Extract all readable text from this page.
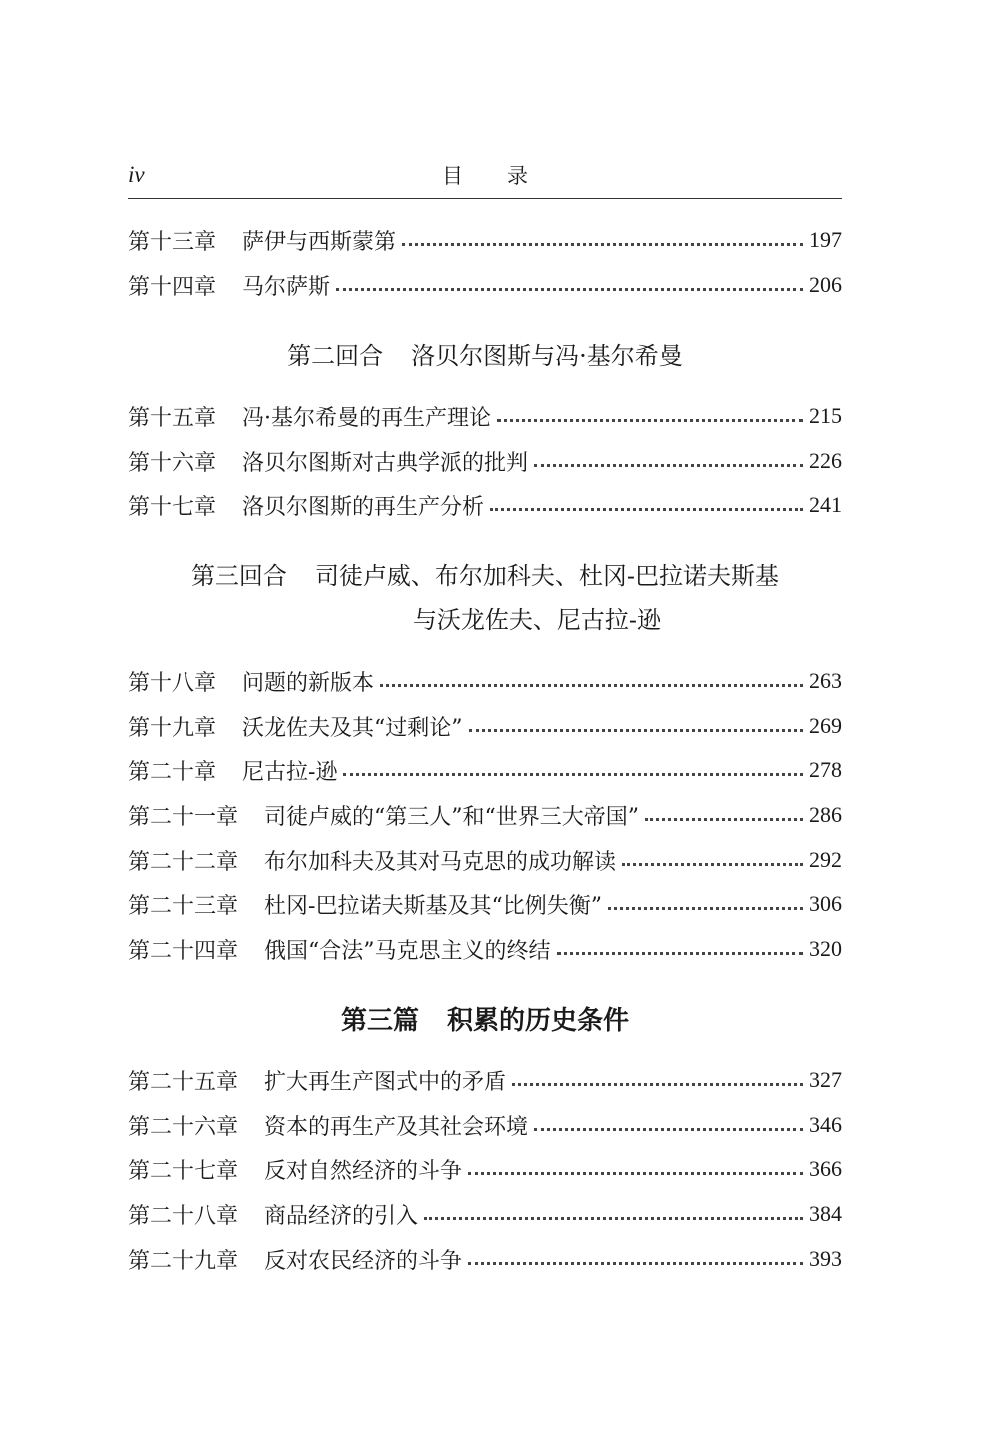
iv	目录
第十三章 萨伊与西斯蒙第	197
第十四章 马尔萨斯	206
第二回合 洛贝尔图斯与冯·基尔希曼
第十五章 冯·基尔希曼的再生产理论	215
第十六章 洛贝尔图斯对古典学派的批判	226
第十七章 洛贝尔图斯的再生产分析	241
第三回合 司徒卢威、布尔加科夫、杜冈-巴拉诺夫斯基
与沃龙佐夫、尼古拉-逊
第十八章 问题的新版本	263
第十九章 沃龙佐夫及其“过剩论”	269
第二十章 尼古拉-逊	278
第二十一章 司徒卢威的“第三人”和“世界三大帝国”	286
第二十二章 布尔加科夫及其对马克思的成功解读	292
第二十三章 杜冈-巴拉诺夫斯基及其“比例失衡”	306
第二十四章 俄国“合法”马克思主义的终结	320
第三篇 积累的历史条件
第二十五章 扩大再生产图式中的矛盾	327
第二十六章 资本的再生产及其社会环境	346
第二十七章 反对自然经济的斗争	366
第二十八章 商品经济的引入	384
第二十九章 反对农民经济的斗争	393
